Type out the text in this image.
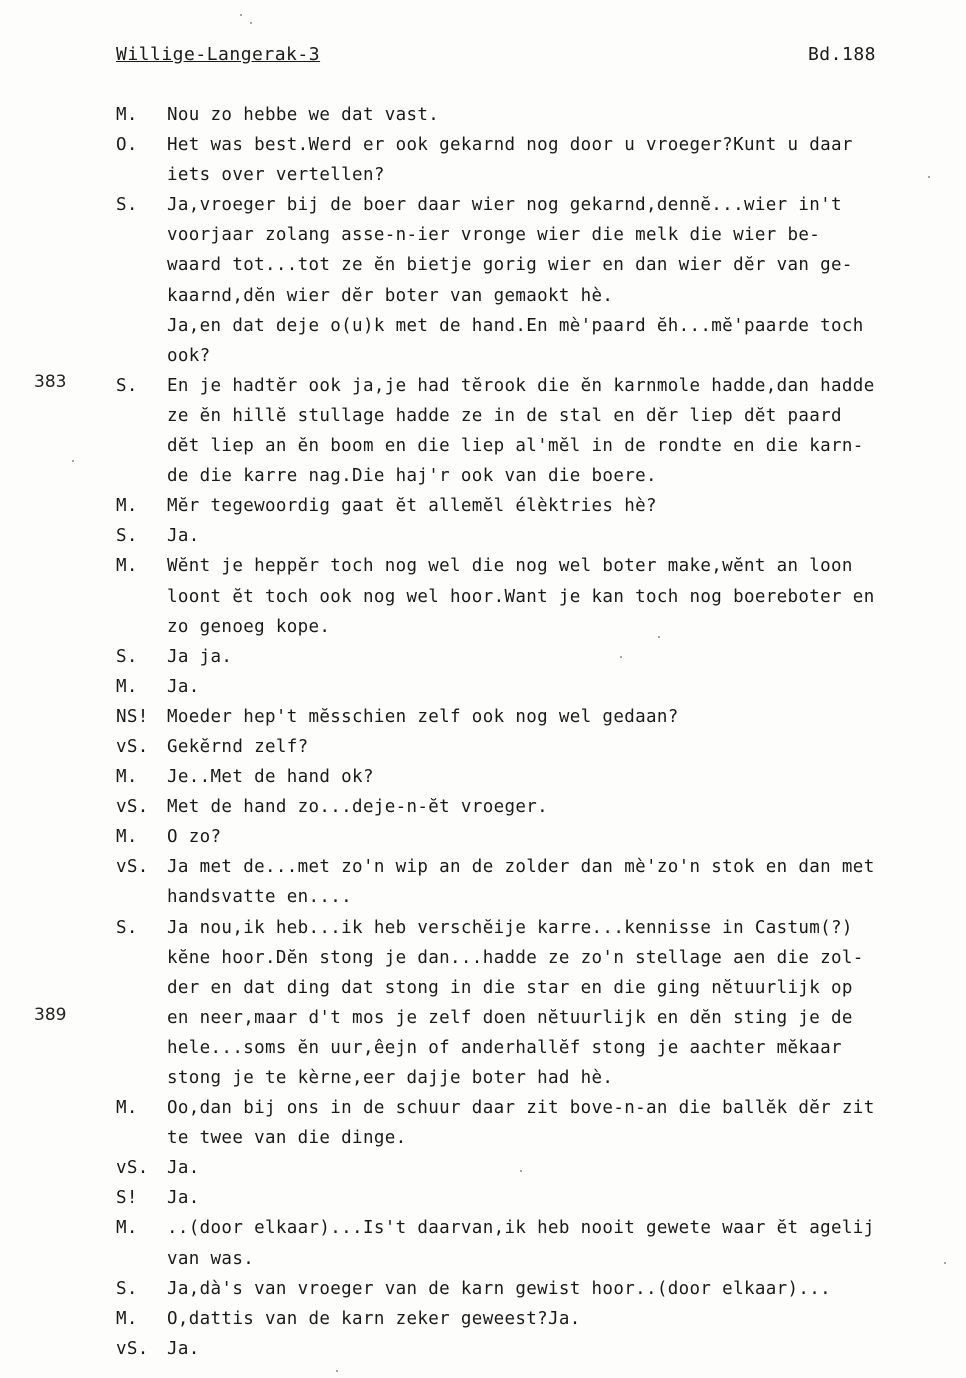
Willige-Langerak-3	Bd.188
383
389
M.	Nou zo hebbe we dat vast.
O.	Het was best.Werd er ook gekarnd nog door u vroeger?Kunt u daar
iets over vertellen?
S.	Ja,vroeger bij de boer daar wier nog gekarnd,dennĕ...wier in't
voorjaar zolang asse-n-ier vronge wier die melk die wier be-
waard tot...tot ze ĕn bietje gorig wier en dan wier dĕr van ge-
kaarnd,dĕn wier dĕr boter van gemaokt hè.
Ja,en dat deje o(u)k met de hand.En mè'paard ĕh...mĕ'paarde toch
ook?
S.	En je hadtĕr ook ja,je had tĕrook die ĕn karnmole hadde,dan hadde
ze ĕn hillĕ stullage hadde ze in de stal en dĕr liep dĕt paard
dĕt liep an ĕn boom en die liep al'mĕl in de rondte en die karn-
de die karre nag.Die haj'r ook van die boere.
M.	Mĕr tegewoordig gaat ĕt allemĕl élèktries hè?
S.	Ja.
M.	Wĕnt je heppĕr toch nog wel die nog wel boter make,wĕnt an loon
loont ĕt toch ook nog wel hoor.Want je kan toch nog boereboter en
zo genoeg kope.
S.	Ja ja.
M.	Ja.
NS!	Moeder hep't mĕsschien zelf ook nog wel gedaan?
vS.	Gekĕrnd zelf?
M.	Je..Met de hand ok?
vS.	Met de hand zo...deje-n-ĕt vroeger.
M.	O zo?
vS.	Ja met de...met zo'n wip an de zolder dan mè'zo'n stok en dan met
handsvatte en....
S.	Ja nou,ik heb...ik heb verschĕije karre...kennisse in Castum(?)
kĕne hoor.Dĕn stong je dan...hadde ze zo'n stellage aen die zol-
der en dat ding dat stong in die star en die ging nĕtuurlijk op
en neer,maar d't mos je zelf doen nĕtuurlijk en dĕn sting je de
hele...soms ĕn uur,êejn of anderhallĕf stong je aachter mĕkaar
stong je te kèrne,eer dajje boter had hè.
M.	Oo,dan bij ons in de schuur daar zit bove-n-an die ballĕk dĕr zit
te twee van die dinge.
vS.	Ja.
S!	Ja.
M.	..(door elkaar)...Is't daarvan,ik heb nooit gewete waar ĕt agelij
van was.
S.	Ja,dà's van vroeger van de karn gewist hoor..(door elkaar)...
M.	O,dattis van de karn zeker geweest?Ja.
vS.	Ja.
